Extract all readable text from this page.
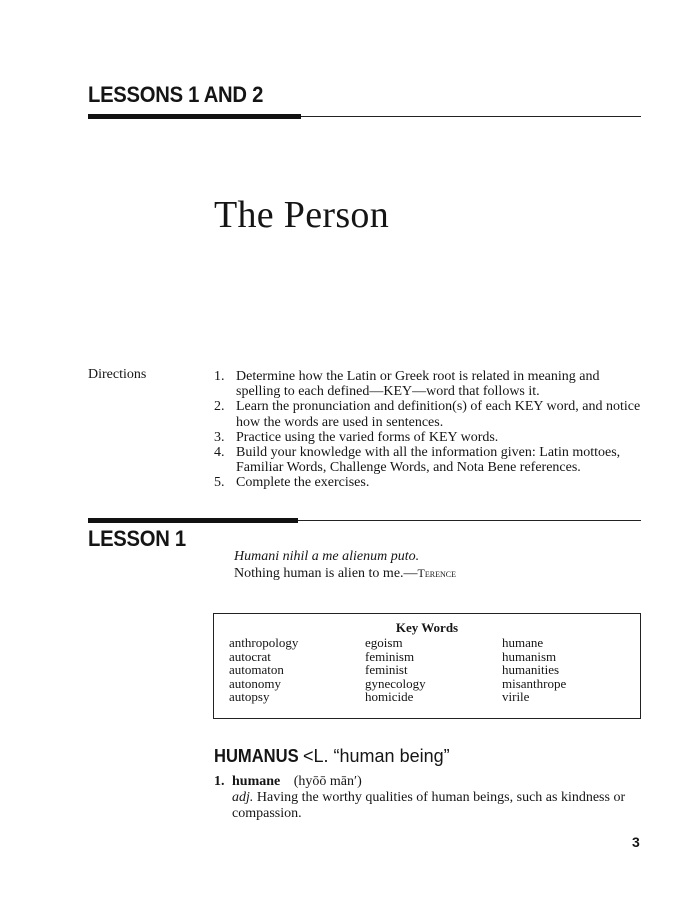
LESSONS 1 AND 2
The Person
Directions	1. Determine how the Latin or Greek root is related in meaning and spelling to each defined—KEY—word that follows it.
2. Learn the pronunciation and definition(s) of each KEY word, and notice how the words are used in sentences.
3. Practice using the varied forms of KEY words.
4. Build your knowledge with all the information given: Latin mottoes, Familiar Words, Challenge Words, and Nota Bene references.
5. Complete the exercises.
LESSON 1
Humani nihil a me alienum puto.
Nothing human is alien to me.—Terence
Key Words
anthropology
autocrat
automaton
autonomy
autopsy
egoism
feminism
feminist
gynecology
homicide
humane
humanism
humanities
misanthrope
virile
HUMANUS <L. “human being”
1. humane (hyōō mān′)
adj. Having the worthy qualities of human beings, such as kindness or compassion.
3
